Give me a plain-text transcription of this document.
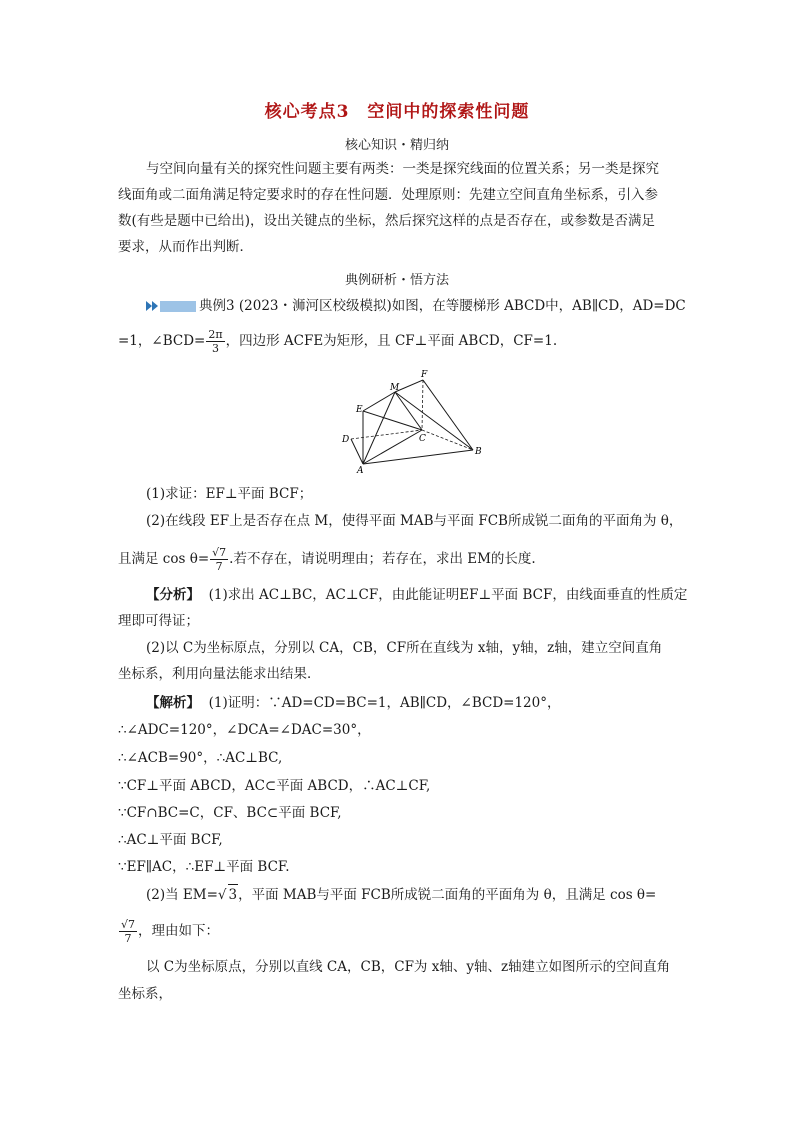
核心考点3　空间中的探索性问题
核心知识・精归纳
与空间向量有关的探究性问题主要有两类：一类是探究线面的位置关系；另一类是探究
线面角或二面角满足特定要求时的存在性问题．处理原则：先建立空间直角坐标系，引入参
数(有些是题中已给出)，设出关键点的坐标，然后探究这样的点是否存在，或参数是否满足
要求，从而作出判断．
典例研析・悟方法
典例3 (2023・浉河区校级模拟)如图，在等腰梯形 ABCD中，AB∥CD，AD=DC
=1，∠BCD= $\frac{2\pi}{3}$ ，四边形 ACFE为矩形，且 CF⊥平面 ABCD，CF=1.
F
M
E
D	C
A
B
(1)求证：EF⊥平面 BCF；
(2)在线段 EF上是否存在点 M，使得平面 MAB与平面 FCB所成锐二面角的平面角为 θ，
且满足 $\cos \theta= \frac{√7}{7}$ .若不存在，请说明理由；若存在，求出 EM的长度.
【分析】 (1)求出 AC⊥BC，AC⊥CF，由此能证明EF⊥平面 BCF，由线面垂直的性质定
理即可得证；
(2)以 C为坐标原点，分别以 CA，CB，CF所在直线为 x轴，y轴，z轴，建立空间直角
坐标系，利用向量法能求出结果．
【解析】 (1)证明：∵AD=CD=BC=1，AB∥CD，∠BCD=120°，
∴∠ADC=120°，∠DCA=∠DAC=30°，
∴∠ACB=90°，∴AC⊥BC,
∵CF⊥平面 ABCD，AC⊂平面 ABCD，∴AC⊥CF,
∵CF∩BC=C，CF、BC⊂平面 BCF,
∴AC⊥平面 BCF,
∵EF∥AC，∴EF⊥平面 BCF.
(2)当 EM=√ 3，平面 MAB与平面 FCB所成锐二面角的平面角为 θ，且满足 cos θ=
$\frac{√7}{7}$ ，理由如下：
以 C为坐标原点，分别以直线 CA，CB，CF为 x轴、y轴、z轴建立如图所示的空间直角
坐标系，
